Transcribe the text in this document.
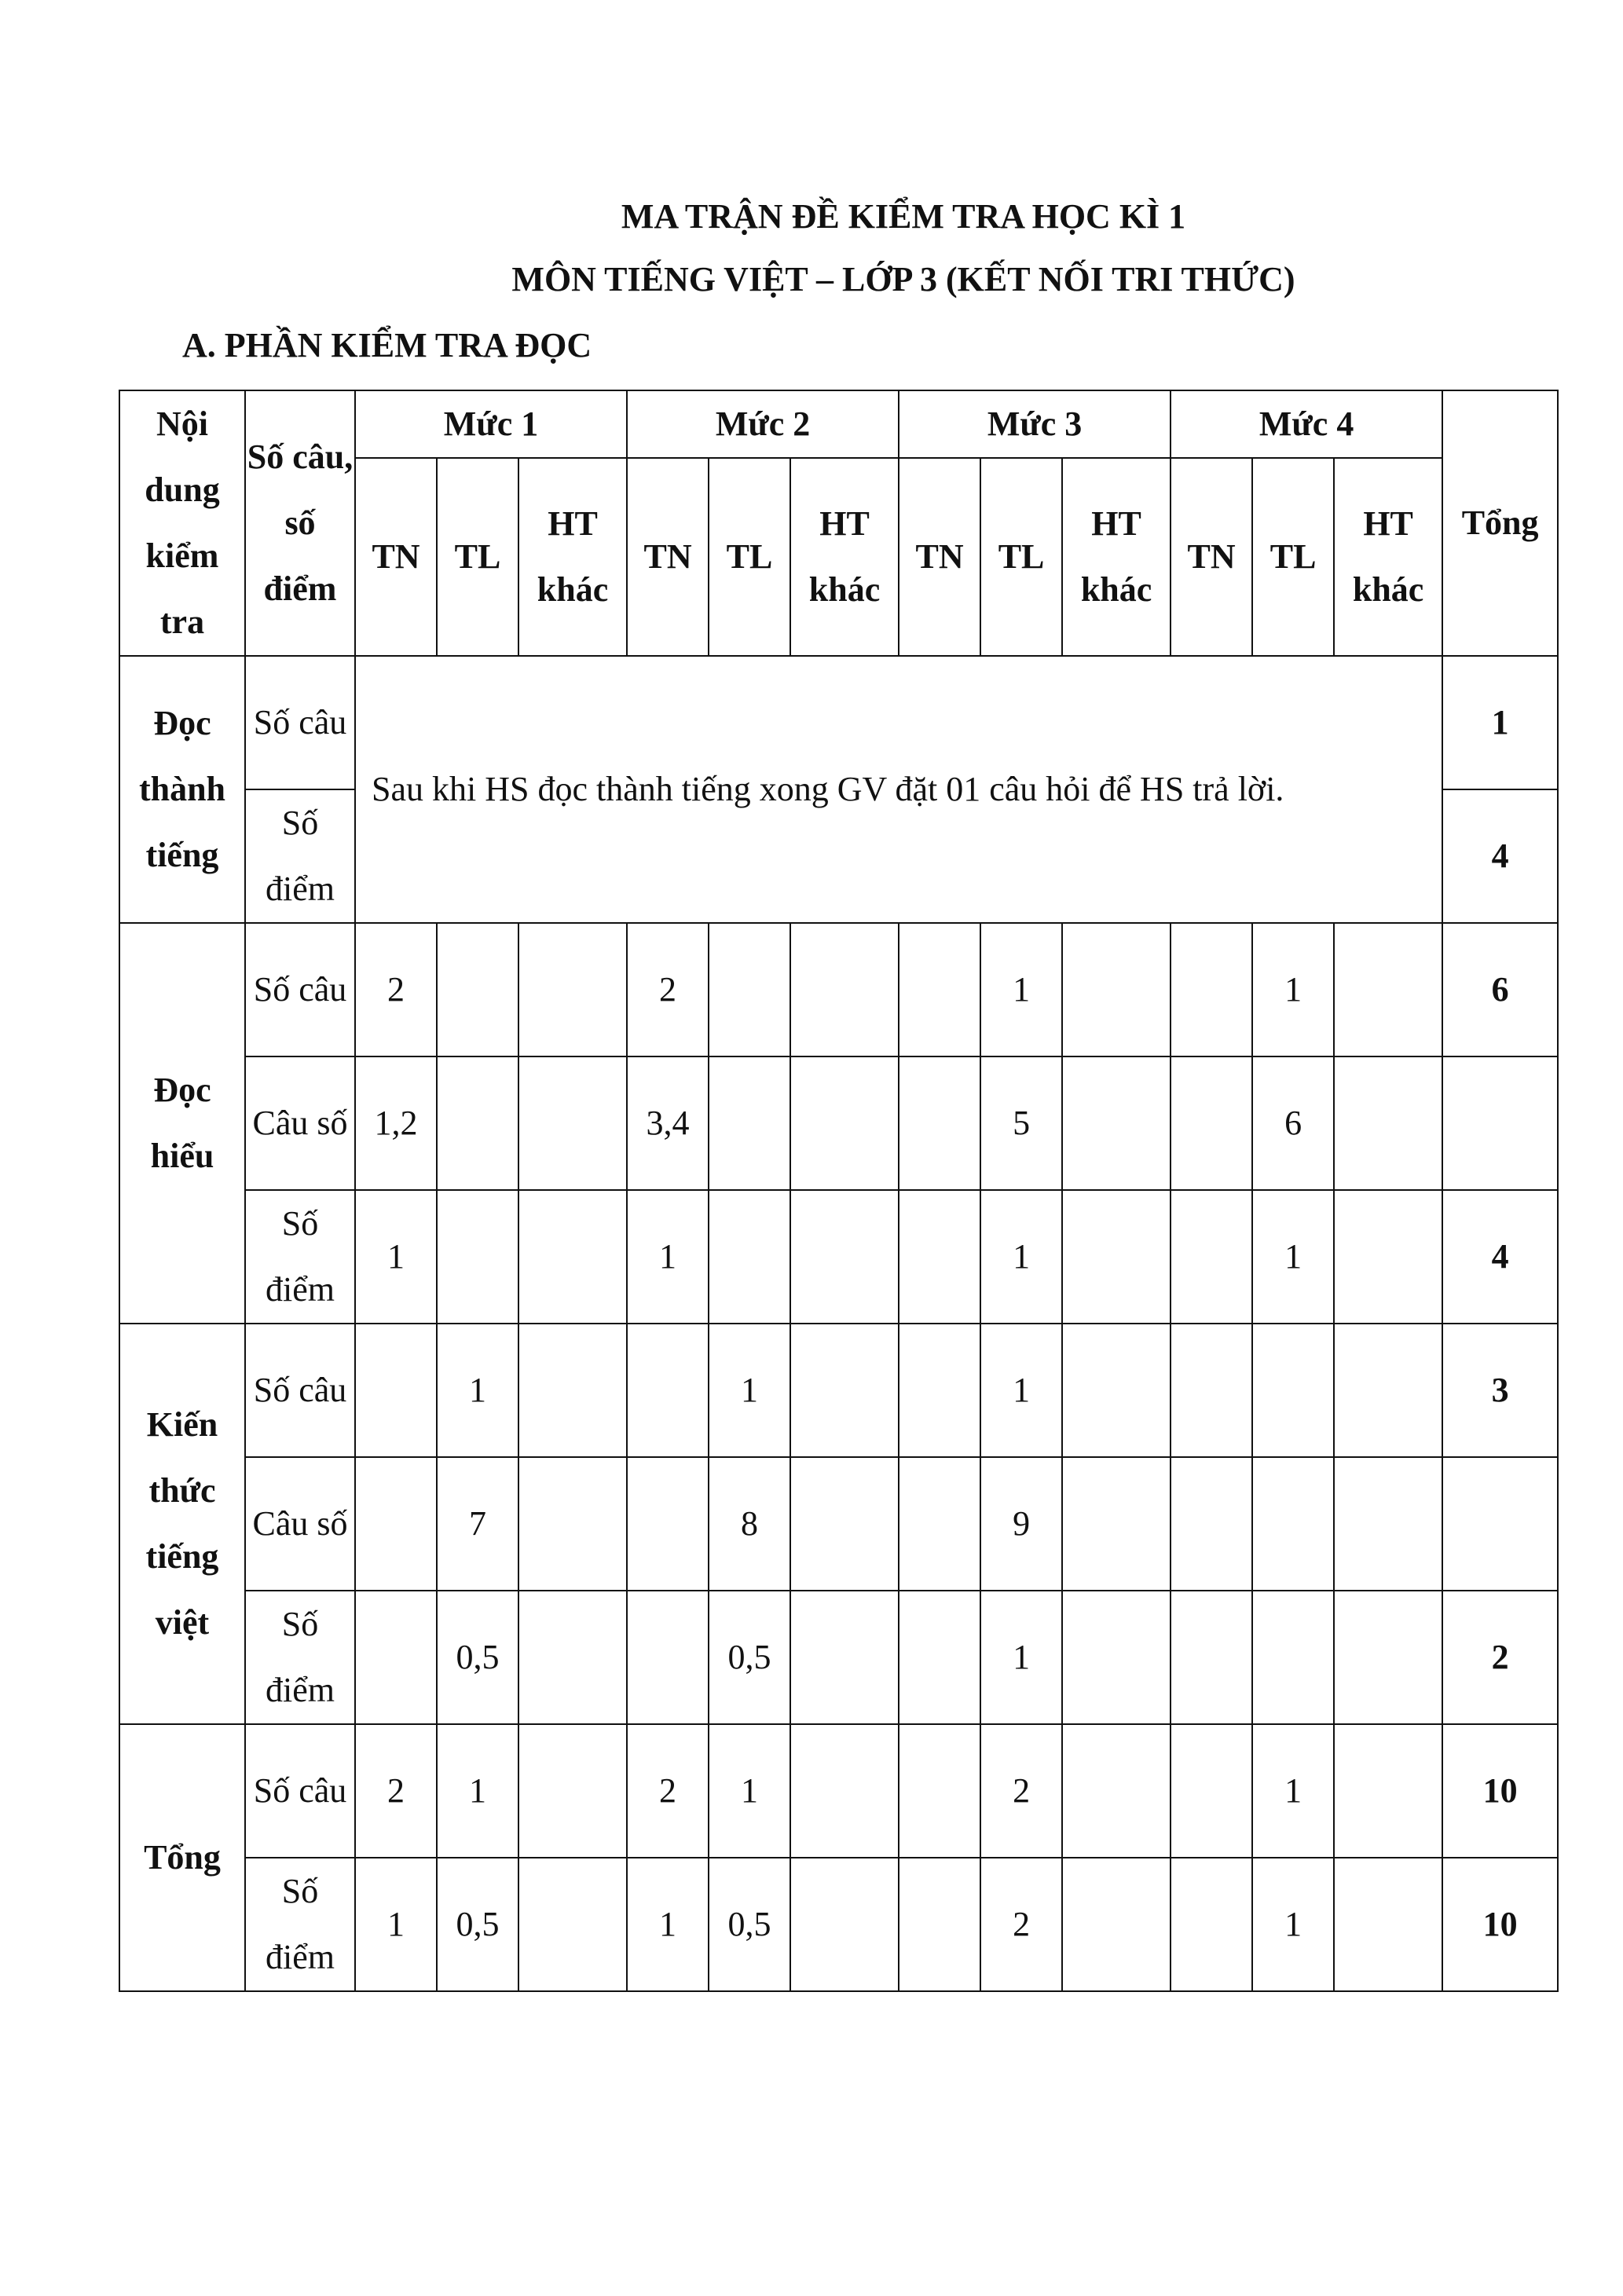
MA TRẬN ĐỀ KIỂM TRA HỌC KÌ 1
MÔN TIẾNG VIỆT – LỚP 3 (KẾT NỐI TRI THỨC)
A. PHẦN KIỂM TRA ĐỌC
Nội dung kiểm tra	Số câu, số điểm	Mức 1			Mức 2			Mức 3			Mức 4			Tổng
		TN	TL	HT khác	TN	TL	HT khác	TN	TL	HT khác	TN	TL	HT khác	
Đọc thành tiếng	Số câu	Sau khi HS đọc thành tiếng xong GV đặt 01 câu hỏi để HS trả lời.												1
	Số điểm													4
Đọc hiểu	Số câu	2			2				1			1		6
	Câu số	1,2			3,4				5			6		
	Số điểm	1			1				1			1		4
Kiến thức tiếng việt	Số câu		1			1			1					3
	Câu số		7			8			9					
	Số điểm		0,5			0,5			1					2
Tổng	Số câu	2	1		2	1			2			1		10
	Số điểm	1	0,5		1	0,5			2			1		10
